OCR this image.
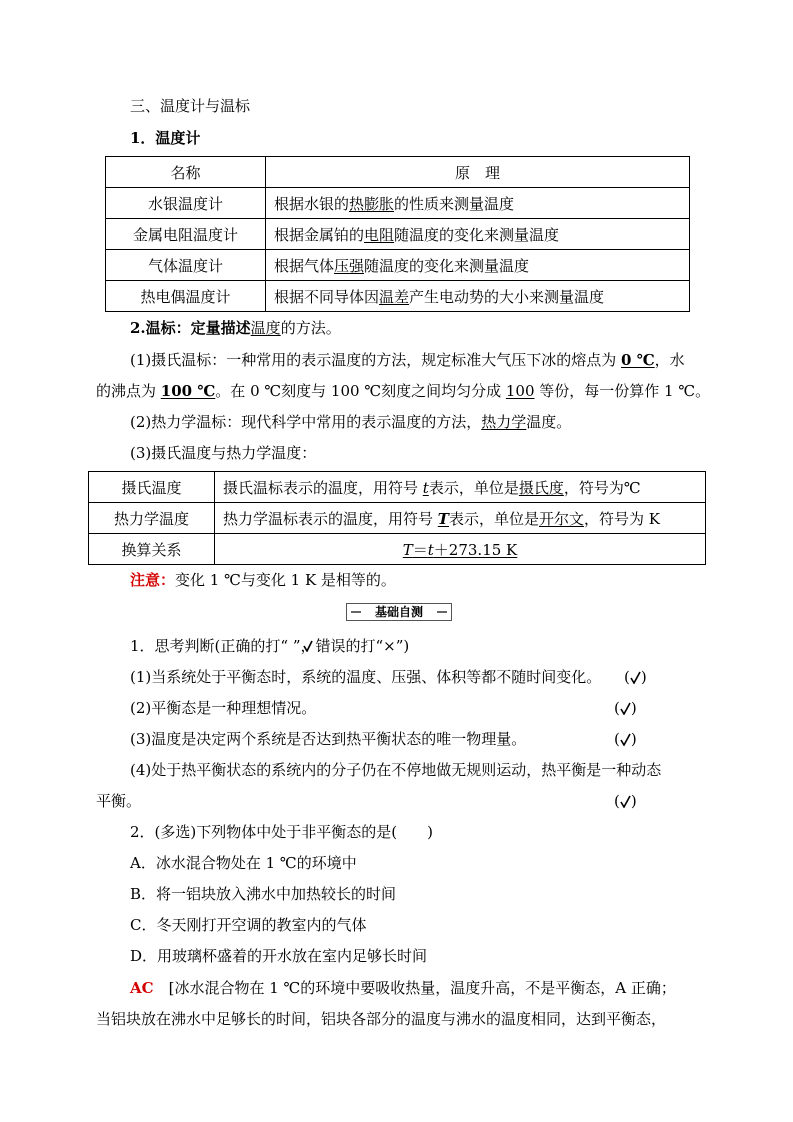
三、温度计与温标
1．温度计
名称	原　理
水银温度计	根据水银的热膨胀的性质来测量温度
金属电阻温度计	根据金属铂的电阻随温度的变化来测量温度
气体温度计	根据气体压强随温度的变化来测量温度
热电偶温度计	根据不同导体因温差产生电动势的大小来测量温度
2.温标：定量描述温度的方法。
(1)摄氏温标：一种常用的表示温度的方法，规定标准大气压下冰的熔点为 0 ℃，水
的沸点为 100 ℃。在 0 ℃刻度与 100 ℃刻度之间均匀分成 100 等份，每一份算作 1 ℃。
(2)热力学温标：现代科学中常用的表示温度的方法，热力学温度。
(3)摄氏温度与热力学温度：
摄氏温度	摄氏温标表示的温度，用符号 t表示，单位是摄氏度，符号为℃
热力学温度	热力学温标表示的温度，用符号 T表示，单位是开尔文，符号为 K
换算关系	T＝t＋273.15 K
注意：变化 1 ℃与变化 1 K 是相等的。
基础自测
1．思考判断(正确的打“ ”，错误的打“×”)
(1)当系统处于平衡态时，系统的温度、压强、体积等都不随时间变化。 ( )
(2)平衡态是一种理想情况。	( )
(3)温度是决定两个系统是否达到热平衡状态的唯一物理量。	( )
(4)处于热平衡状态的系统内的分子仍在不停地做无规则运动，热平衡是一种动态
平衡。	( )
2．(多选)下列物体中处于非平衡态的是(　　)
A．冰水混合物处在 1 ℃的环境中
B．将一铝块放入沸水中加热较长的时间
C．冬天刚打开空调的教室内的气体
D．用玻璃杯盛着的开水放在室内足够长时间
AC　 [冰水混合物在 1 ℃的环境中要吸收热量，温度升高，不是平衡态，A 正确；
当铝块放在沸水中足够长的时间，铝块各部分的温度与沸水的温度相同，达到平衡态，
